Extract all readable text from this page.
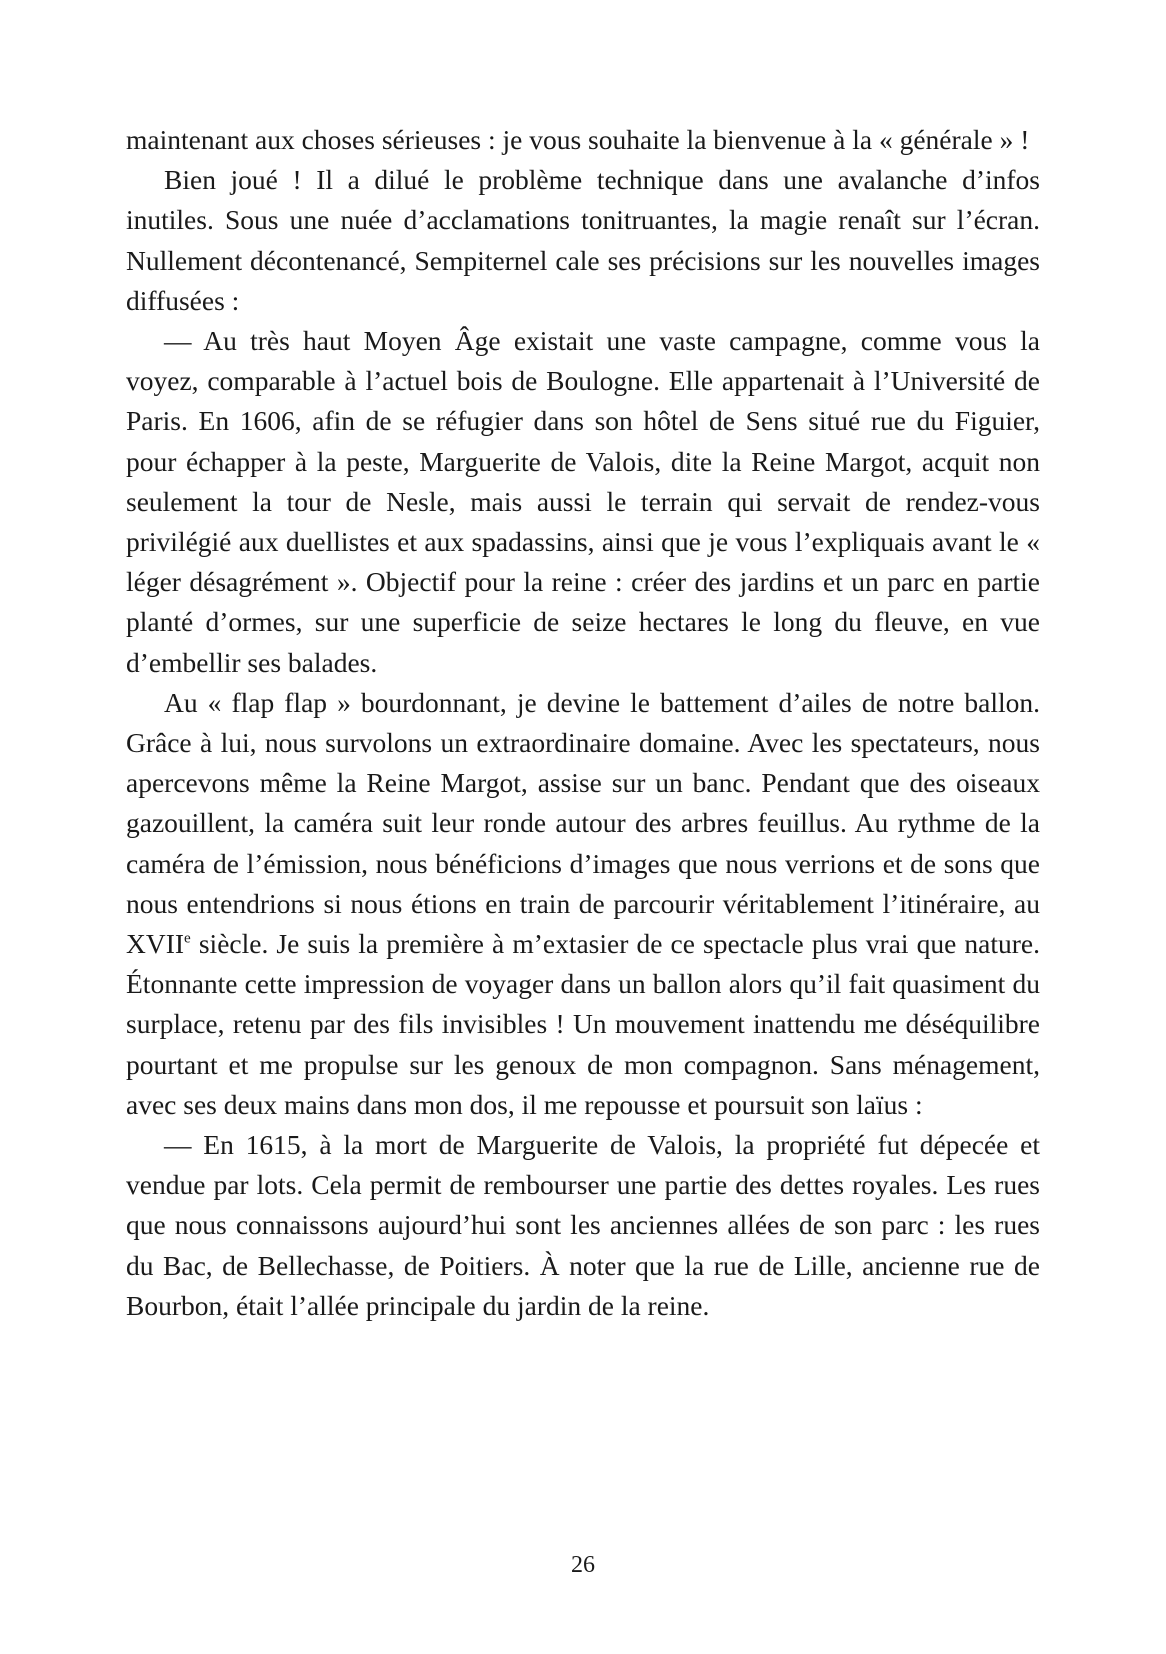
maintenant aux choses sérieuses : je vous souhaite la bienvenue à la « générale » !

Bien joué ! Il a dilué le problème technique dans une avalanche d’infos inutiles. Sous une nuée d’acclamations tonitruantes, la magie renaît sur l’écran. Nullement décontenancé, Sempiternel cale ses précisions sur les nouvelles images diffusées :

— Au très haut Moyen Âge existait une vaste campagne, comme vous la voyez, comparable à l’actuel bois de Boulogne. Elle appartenait à l’Université de Paris. En 1606, afin de se réfugier dans son hôtel de Sens situé rue du Figuier, pour échapper à la peste, Marguerite de Valois, dite la Reine Margot, acquit non seulement la tour de Nesle, mais aussi le terrain qui servait de rendez-vous privilégié aux duellistes et aux spadassins, ainsi que je vous l’expliquais avant le « léger désagrément ». Objectif pour la reine : créer des jardins et un parc en partie planté d’ormes, sur une superficie de seize hectares le long du fleuve, en vue d’embellir ses balades.

Au « flap flap » bourdonnant, je devine le battement d’ailes de notre ballon. Grâce à lui, nous survolons un extraordinaire domaine. Avec les spectateurs, nous apercevons même la Reine Margot, assise sur un banc. Pendant que des oiseaux gazouillent, la caméra suit leur ronde autour des arbres feuillus. Au rythme de la caméra de l’émission, nous bénéficions d’images que nous verrions et de sons que nous entendrions si nous étions en train de parcourir véritablement l’itinéraire, au XVIIe siècle. Je suis la première à m’extasier de ce spectacle plus vrai que nature. Étonnante cette impression de voyager dans un ballon alors qu’il fait quasiment du surplace, retenu par des fils invisibles ! Un mouvement inattendu me déséquilibre pourtant et me propulse sur les genoux de mon compagnon. Sans ménagement, avec ses deux mains dans mon dos, il me repousse et poursuit son laïus :

— En 1615, à la mort de Marguerite de Valois, la propriété fut dépecée et vendue par lots. Cela permit de rembourser une partie des dettes royales. Les rues que nous connaissons aujourd’hui sont les anciennes allées de son parc : les rues du Bac, de Bellechasse, de Poitiers. À noter que la rue de Lille, ancienne rue de Bourbon, était l’allée principale du jardin de la reine.

26
